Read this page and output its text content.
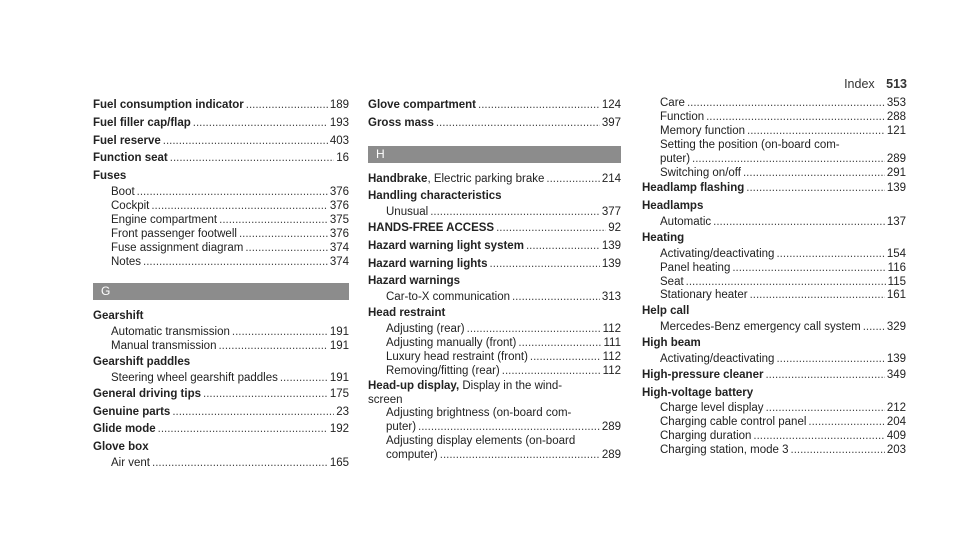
Index 513
Fuel consumption indicator .....	189
Fuel filler cap/flap .....	193
Fuel reserve .....	403
Function seat .....	16
Fuses
Boot .....	376
Cockpit .....	376
Engine compartment .....	375
Front passenger footwell .....	376
Fuse assignment diagram .....	374
Notes .....	374
G
Gearshift
Automatic transmission .....	191
Manual transmission .....	191
Gearshift paddles
Steering wheel gearshift paddles .....	191
General driving tips .....	175
Genuine parts .....	23
Glide mode .....	192
Glove box
Air vent .....	165
Glove compartment .....	124
Gross mass .....	397
H
Handbrake, Electric parking brake .....	214
Handling characteristics
Unusual .....	377
HANDS-FREE ACCESS .....	92
Hazard warning light system .....	139
Hazard warning lights .....	139
Hazard warnings
Car-to-X communication .....	313
Head restraint
Adjusting (rear) .....	112
Adjusting manually (front) .....	111
Luxury head restraint (front) .....	112
Removing/fitting (rear) .....	112
Head-up display, Display in the wind-
screen
Adjusting brightness (on-board com-
puter) .....	289
Adjusting display elements (on-board
computer) .....	289
Care .....	353
Function .....	288
Memory function .....	121
Setting the position (on-board com-
puter) .....	289
Switching on/off .....	291
Headlamp flashing .....	139
Headlamps
Automatic .....	137
Heating
Activating/deactivating .....	154
Panel heating .....	116
Seat .....	115
Stationary heater .....	161
Help call
Mercedes-Benz emergency call system ..... 329
High beam
Activating/deactivating .....	139
High-pressure cleaner .....	349
High-voltage battery
Charge level display .....	212
Charging cable control panel .....	204
Charging duration .....	409
Charging station, mode 3 .....	203
